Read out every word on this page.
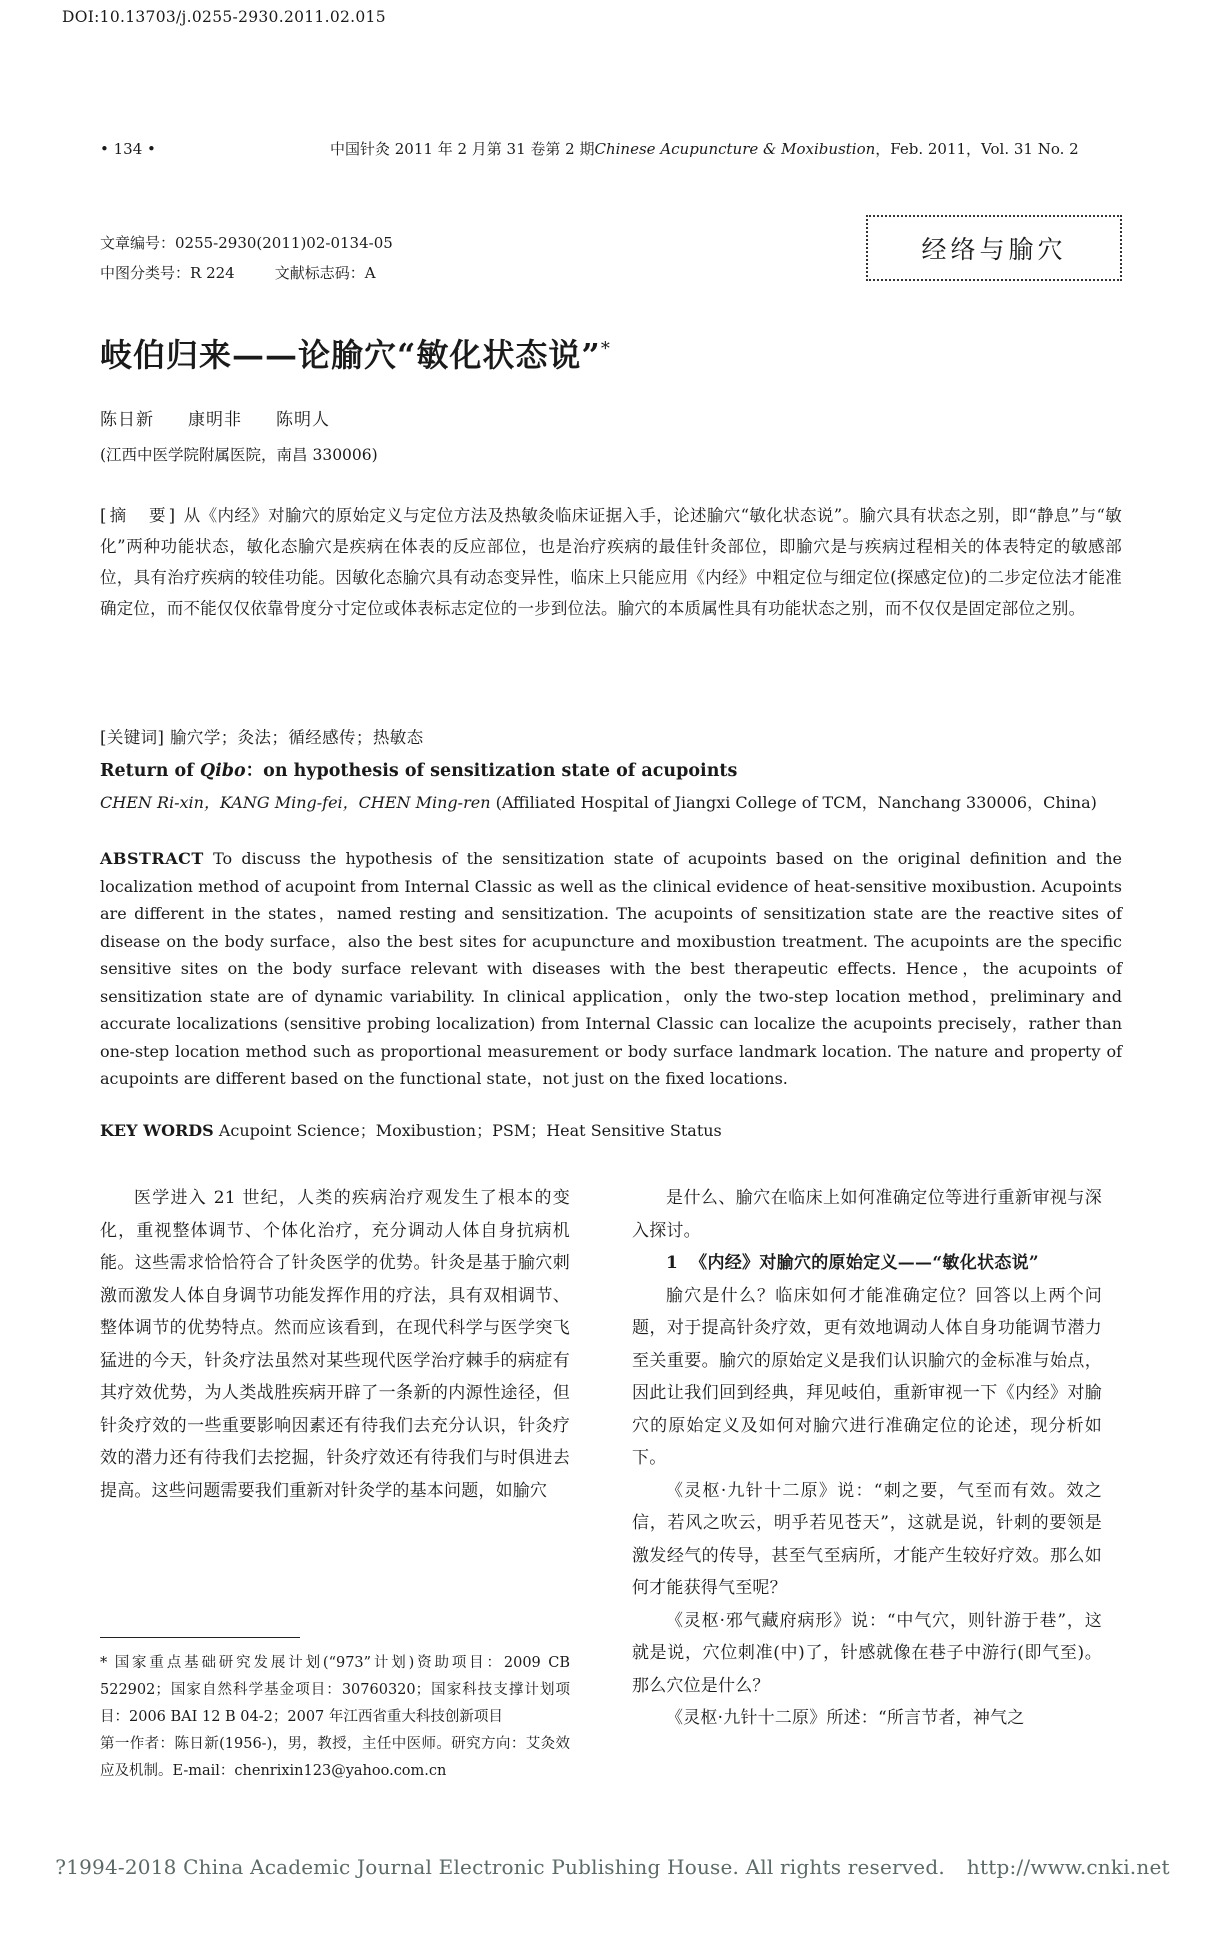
DOI:10.13703/j.0255-2930.2011.02.015
• 134 •	中国针灸 2011 年 2 月第 31 卷第 2 期Chinese Acupuncture & Moxibustion，Feb. 2011，Vol. 31 No. 2
文章编号：0255-2930(2011)02-0134-05
中图分类号：R 224	文献标志码：A
经络与腧穴
岐伯归来——论腧穴“敏化状态说”*
陈日新 康明非 陈明人
(江西中医学院附属医院，南昌 330006)
[摘　要] 从《内经》对腧穴的原始定义与定位方法及热敏灸临床证据入手，论述腧穴“敏化状态说”。腧穴具有状态之别，即“静息”与“敏化”两种功能状态，敏化态腧穴是疾病在体表的反应部位，也是治疗疾病的最佳针灸部位，即腧穴是与疾病过程相关的体表特定的敏感部位，具有治疗疾病的较佳功能。因敏化态腧穴具有动态变异性，临床上只能应用《内经》中粗定位与细定位(探感定位)的二步定位法才能准确定位，而不能仅仅依靠骨度分寸定位或体表标志定位的一步到位法。腧穴的本质属性具有功能状态之别，而不仅仅是固定部位之别。
[关键词] 腧穴学；灸法；循经感传；热敏态
Return of Qibo：on hypothesis of sensitization state of acupoints
CHEN Ri-xin，KANG Ming-fei，CHEN Ming-ren (Affiliated Hospital of Jiangxi College of TCM，Nanchang 330006，China)
ABSTRACT To discuss the hypothesis of the sensitization state of acupoints based on the original definition and the localization method of acupoint from Internal Classic as well as the clinical evidence of heat-sensitive moxibustion. Acupoints are different in the states，named resting and sensitization. The acupoints of sensitization state are the reactive sites of disease on the body surface，also the best sites for acupuncture and moxibustion treatment. The acupoints are the specific sensitive sites on the body surface relevant with diseases with the best therapeutic effects. Hence，the acupoints of sensitization state are of dynamic variability. In clinical application，only the two-step location method，preliminary and accurate localizations (sensitive probing localization) from Internal Classic can localize the acupoints precisely，rather than one-step location method such as proportional measurement or body surface landmark location. The nature and property of acupoints are different based on the functional state，not just on the fixed locations.
KEY WORDS Acupoint Science；Moxibustion；PSM；Heat Sensitive Status

医学进入 21 世纪，人类的疾病治疗观发生了根本的变化，重视整体调节、个体化治疗，充分调动人体自身抗病机能。这些需求恰恰符合了针灸医学的优势。针灸是基于腧穴刺激而激发人体自身调节功能发挥作用的疗法，具有双相调节、整体调节的优势特点。然而应该看到，在现代科学与医学突飞猛进的今天，针灸疗法虽然对某些现代医学治疗棘手的病症有其疗效优势，为人类战胜疾病开辟了一条新的内源性途径，但针灸疗效的一些重要影响因素还有待我们去充分认识，针灸疗效的潜力还有待我们去挖掘，针灸疗效还有待我们与时俱进去提高。这些问题需要我们重新对针灸学的基本问题，如腧穴

* 国家重点基础研究发展计划(“973”计划)资助项目：2009 CB 522902；国家自然科学基金项目：30760320；国家科技支撑计划项目：2006 BAI 12 B 04-2；2007 年江西省重大科技创新项目
第一作者：陈日新(1956-)，男，教授，主任中医师。研究方向：艾灸效应及机制。E-mail：chenrixin123@yahoo.com.cn

是什么、腧穴在临床上如何准确定位等进行重新审视与深入探讨。

1 《内经》对腧穴的原始定义——“敏化状态说”

腧穴是什么？临床如何才能准确定位？回答以上两个问题，对于提高针灸疗效，更有效地调动人体自身功能调节潜力至关重要。腧穴的原始定义是我们认识腧穴的金标准与始点，因此让我们回到经典，拜见岐伯，重新审视一下《内经》对腧穴的原始定义及如何对腧穴进行准确定位的论述，现分析如下。

《灵枢·九针十二原》说：“刺之要，气至而有效。效之信，若风之吹云，明乎若见苍天”，这就是说，针刺的要领是激发经气的传导，甚至气至病所，才能产生较好疗效。那么如何才能获得气至呢？

《灵枢·邪气藏府病形》说：“中气穴，则针游于巷”，这就是说，穴位刺准(中)了，针感就像在巷子中游行(即气至)。那么穴位是什么？

《灵枢·九针十二原》所述：“所言节者，神气之

?1994-2018 China Academic Journal Electronic Publishing House. All rights reserved. http://www.cnki.net
